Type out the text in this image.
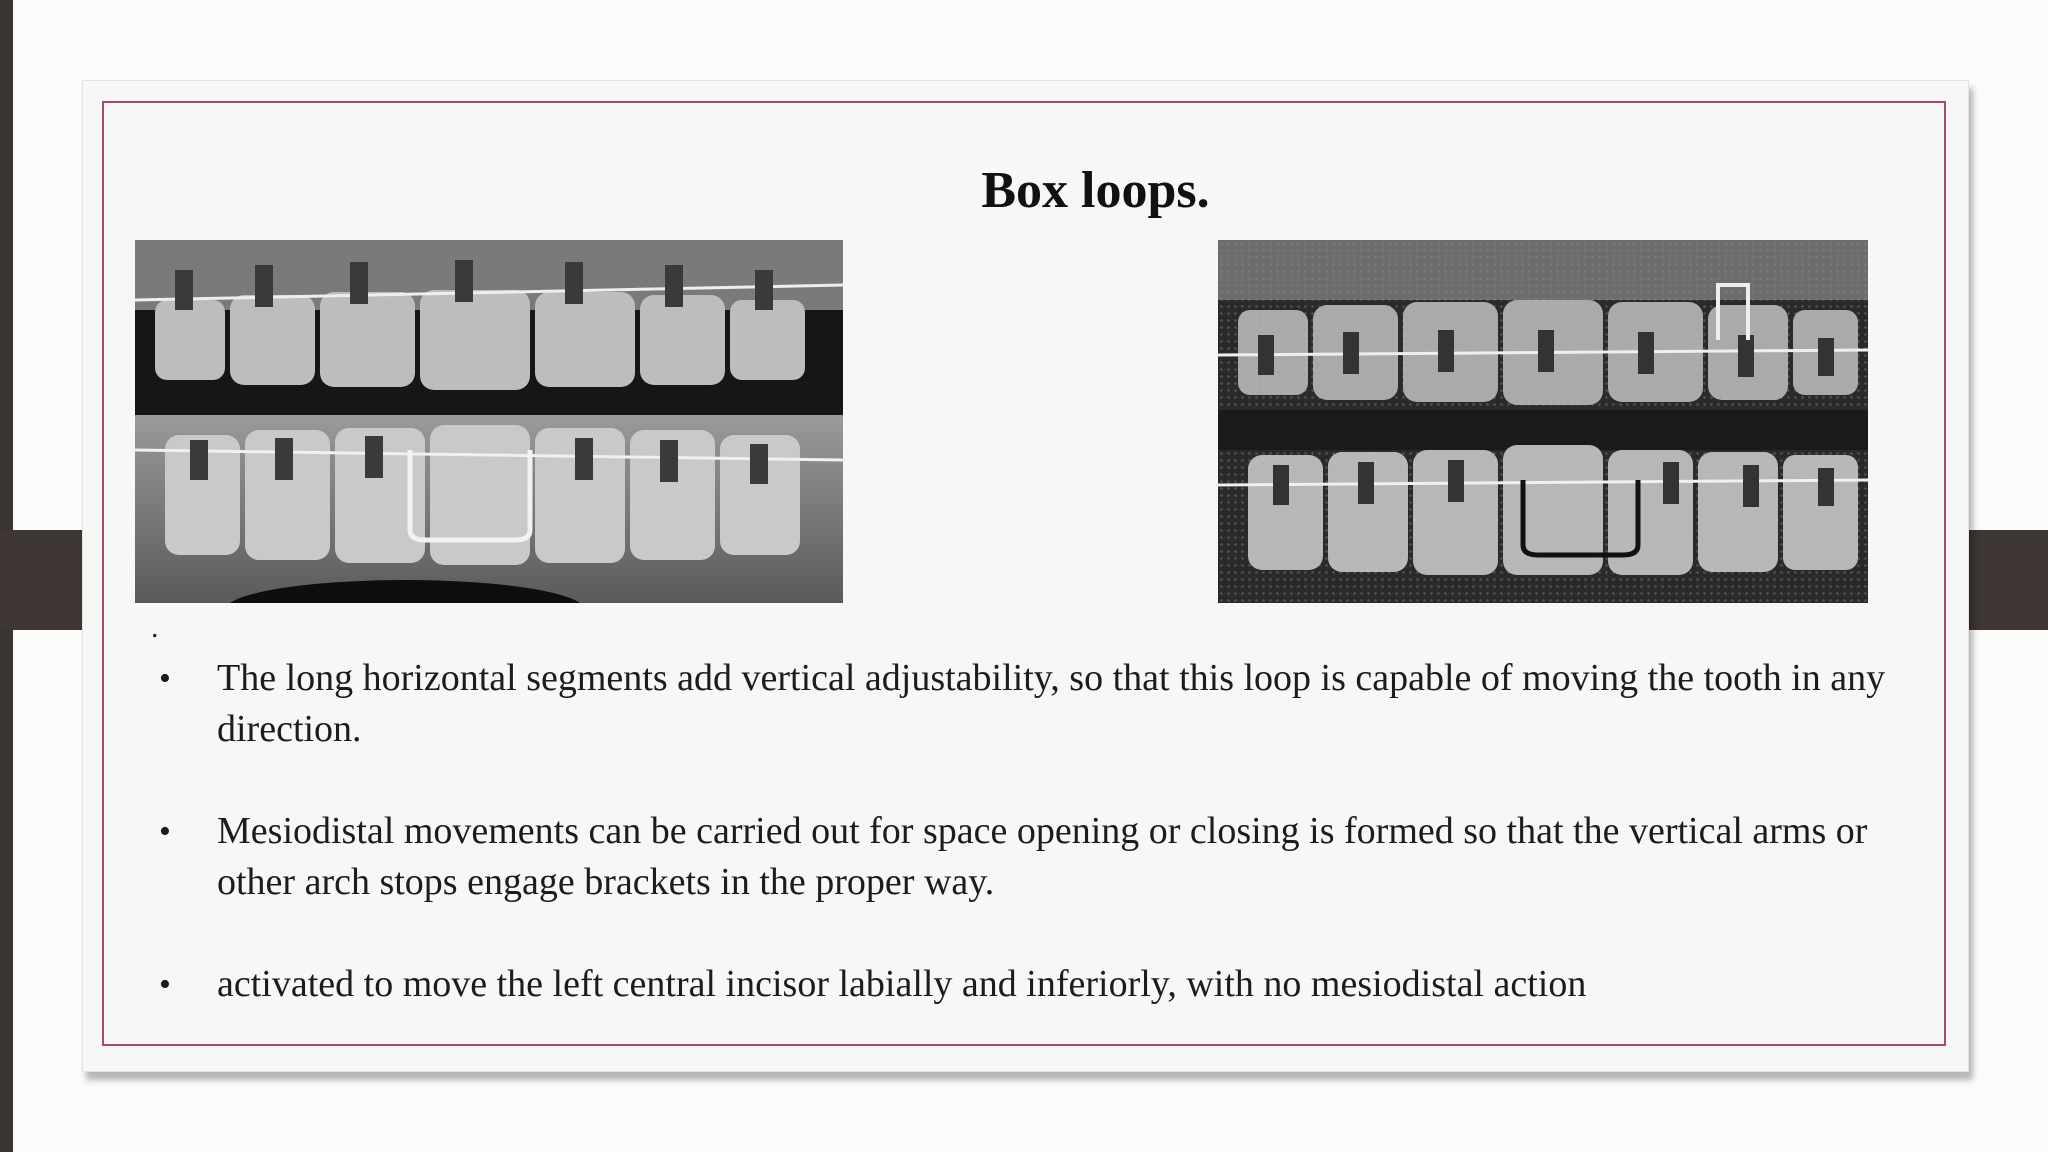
Box loops.
.
• The long horizontal segments add vertical adjustability, so that this loop is capable of moving the tooth in any direction.
• Mesiodistal movements can be carried out for space opening or closing is formed so that the vertical arms or other arch stops engage brackets in the proper way.
• activated to move the left central incisor labially and inferiorly, with no mesiodistal action
